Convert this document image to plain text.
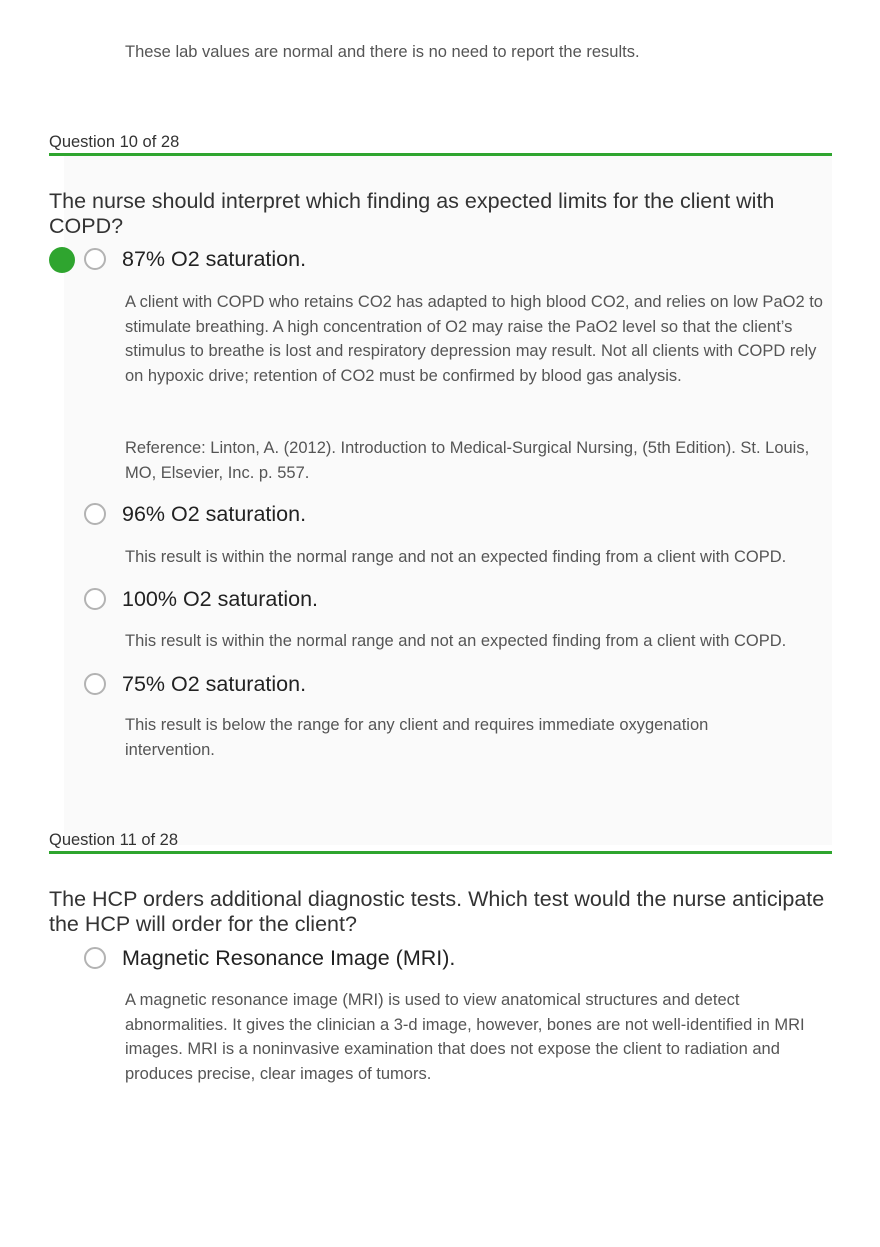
These lab values are normal and there is no need to report the results.

Question 10 of 28

The nurse should interpret which finding as expected limits for the client with COPD?

87% O2 saturation.

A client with COPD who retains CO2 has adapted to high blood CO2, and relies on low PaO2 to stimulate breathing. A high concentration of O2 may raise the PaO2 level so that the client’s stimulus to breathe is lost and respiratory depression may result. Not all clients with COPD rely on hypoxic drive; retention of CO2 must be confirmed by blood gas analysis.

Reference: Linton, A. (2012). Introduction to Medical-Surgical Nursing, (5th Edition). St. Louis, MO, Elsevier, Inc. p. 557.

96% O2 saturation.

This result is within the normal range and not an expected finding from a client with COPD.

100% O2 saturation.

This result is within the normal range and not an expected finding from a client with COPD.

75% O2 saturation.

This result is below the range for any client and requires immediate oxygenation intervention.

Question 11 of 28

The HCP orders additional diagnostic tests. Which test would the nurse anticipate the HCP will order for the client?

Magnetic Resonance Image (MRI).

A magnetic resonance image (MRI) is used to view anatomical structures and detect abnormalities. It gives the clinician a 3-d image, however, bones are not well-identified in MRI images. MRI is a noninvasive examination that does not expose the client to radiation and produces precise, clear images of tumors.
